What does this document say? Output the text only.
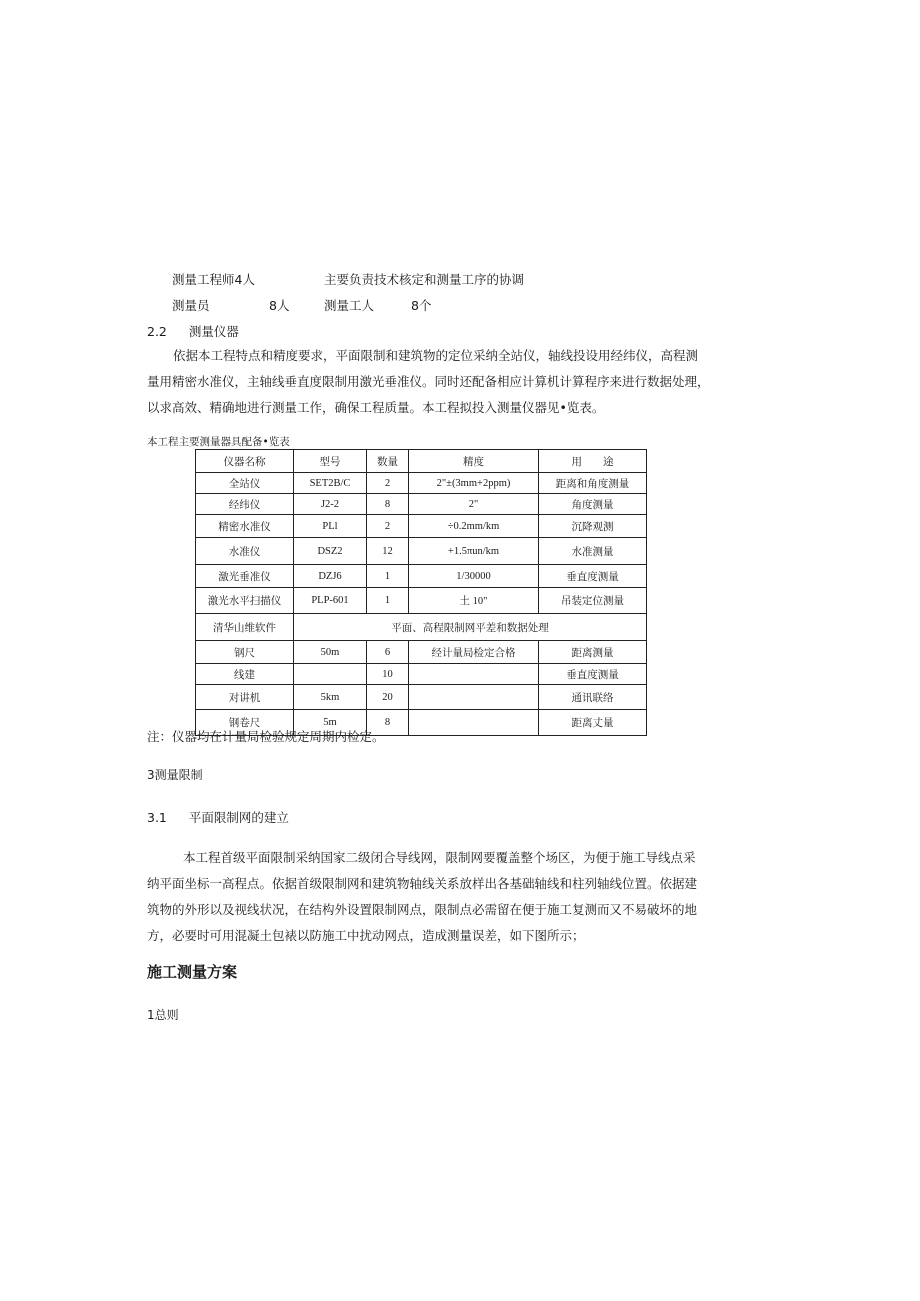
测量工程师4人	主要负责技术核定和测量工序的协调
测量员	8人	测量工人	8个
2.2 测量仪器
依据本工程特点和精度要求，平面限制和建筑物的定位采纳全站仪，轴线投设用经纬仪，高程测
量用精密水准仪，主轴线垂直度限制用激光垂准仪。同时还配备相应计算机计算程序来进行数据处理，
以求高效、精确地进行测量工作，确保工程质量。本工程拟投入测量仪器见•览表。
本工程主要测量器具配备•览表
仪器名称	型号	数量	精度	用　　途
全站仪	SET2B/C	2	2"±(3mm+2ppm)	距离和角度测量
经纬仪	J2-2	8	2"	角度测量
精密水准仪	PLl	2	÷0.2mm/km	沉降观测
水准仪	DSZ2	12	+1.5πun/km	水准测量
激光垂准仪	DZJ6	1	1/30000	垂直度测量
激光水平扫描仪	PLP-601	1	土 10"	吊装定位测量
清华山维软件	平面、高程限制网平差和数据处理			
钢尺	50m	6	经计量局检定合格	距离测量
线建		10		垂直度测量
对讲机	5km	20		通讯联络
钢卷尺	5m	8		距离丈量
注：仪器均在计量局检验规定周期内检定。
3测量限制
3.1 平面限制网的建立
本工程首级平面限制采纳国家二级闭合导线网，限制网要覆盖整个场区，为便于施工导线点采
纳平面坐标一高程点。依据首级限制网和建筑物轴线关系放样出各基础轴线和柱列轴线位置。依据建
筑物的外形以及视线状况，在结构外设置限制网点，限制点必需留在便于施工复测而又不易破坏的地
方，必要时可用混凝土包裱以防施工中扰动网点，造成测量误差，如下图所示；
施工测量方案
1总则
